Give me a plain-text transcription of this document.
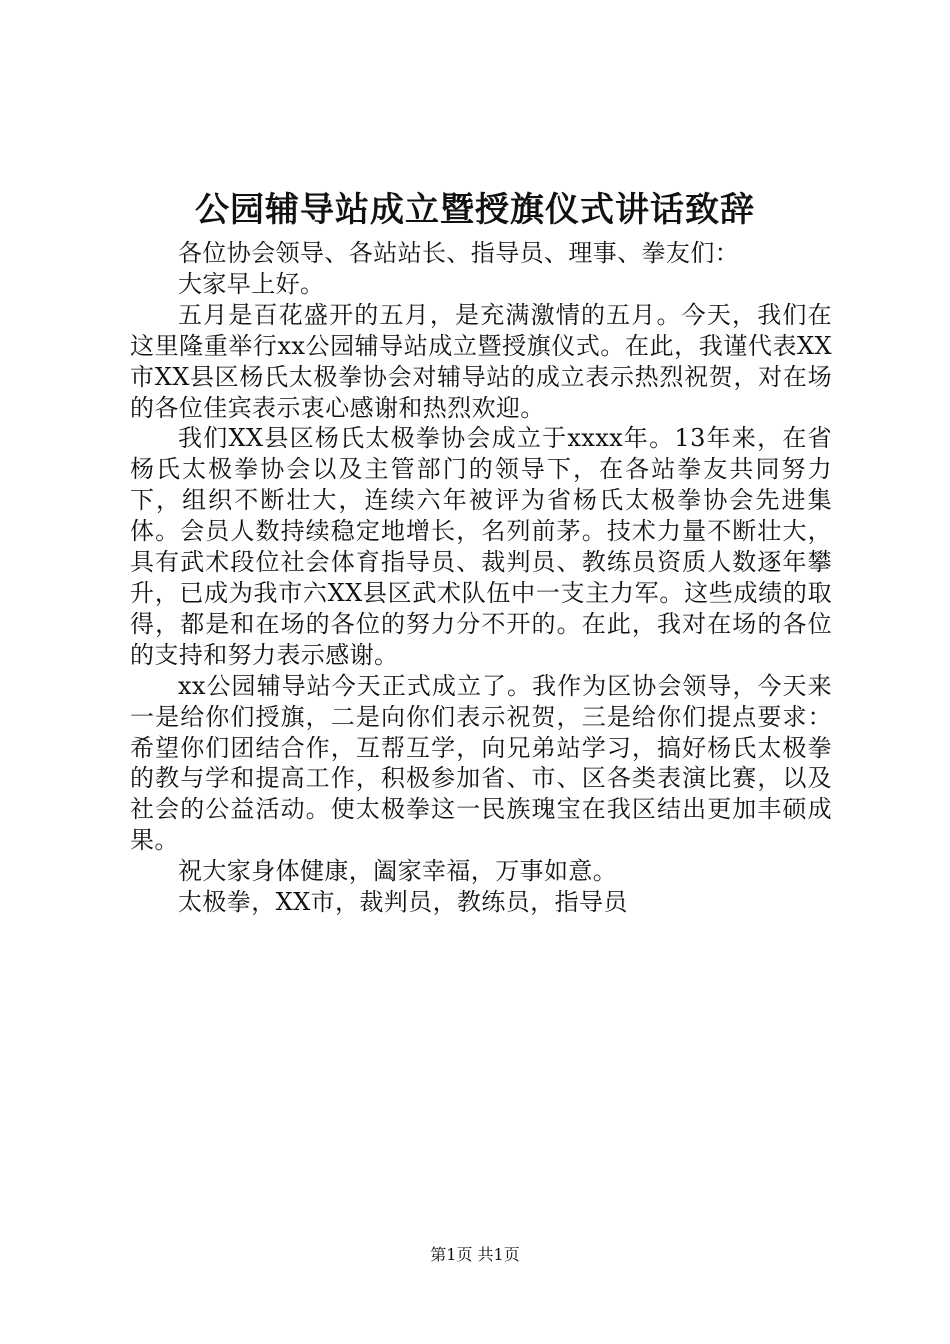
公园辅导站成立暨授旗仪式讲话致辞

各位协会领导、各站站长、指导员、理事、拳友们：

大家早上好。

五月是百花盛开的五月，是充满激情的五月。今天，我们在这里隆重举行xx公园辅导站成立暨授旗仪式。在此，我谨代表XX市XX县区杨氏太极拳协会对辅导站的成立表示热烈祝贺，对在场的各位佳宾表示衷心感谢和热烈欢迎。

我们XX县区杨氏太极拳协会成立于xxxx年。13年来，在省杨氏太极拳协会以及主管部门的领导下，在各站拳友共同努力下，组织不断壮大，连续六年被评为省杨氏太极拳协会先进集体。会员人数持续稳定地增长，名列前茅。技术力量不断壮大，具有武术段位社会体育指导员、裁判员、教练员资质人数逐年攀升，已成为我市六XX县区武术队伍中一支主力军。这些成绩的取得，都是和在场的各位的努力分不开的。在此，我对在场的各位的支持和努力表示感谢。

xx公园辅导站今天正式成立了。我作为区协会领导，今天来一是给你们授旗，二是向你们表示祝贺，三是给你们提点要求：希望你们团结合作，互帮互学，向兄弟站学习，搞好杨氏太极拳的教与学和提高工作，积极参加省、市、区各类表演比赛，以及社会的公益活动。使太极拳这一民族瑰宝在我区结出更加丰硕成果。

祝大家身体健康，阖家幸福，万事如意。

太极拳，XX市，裁判员，教练员，指导员

第1页 共1页
